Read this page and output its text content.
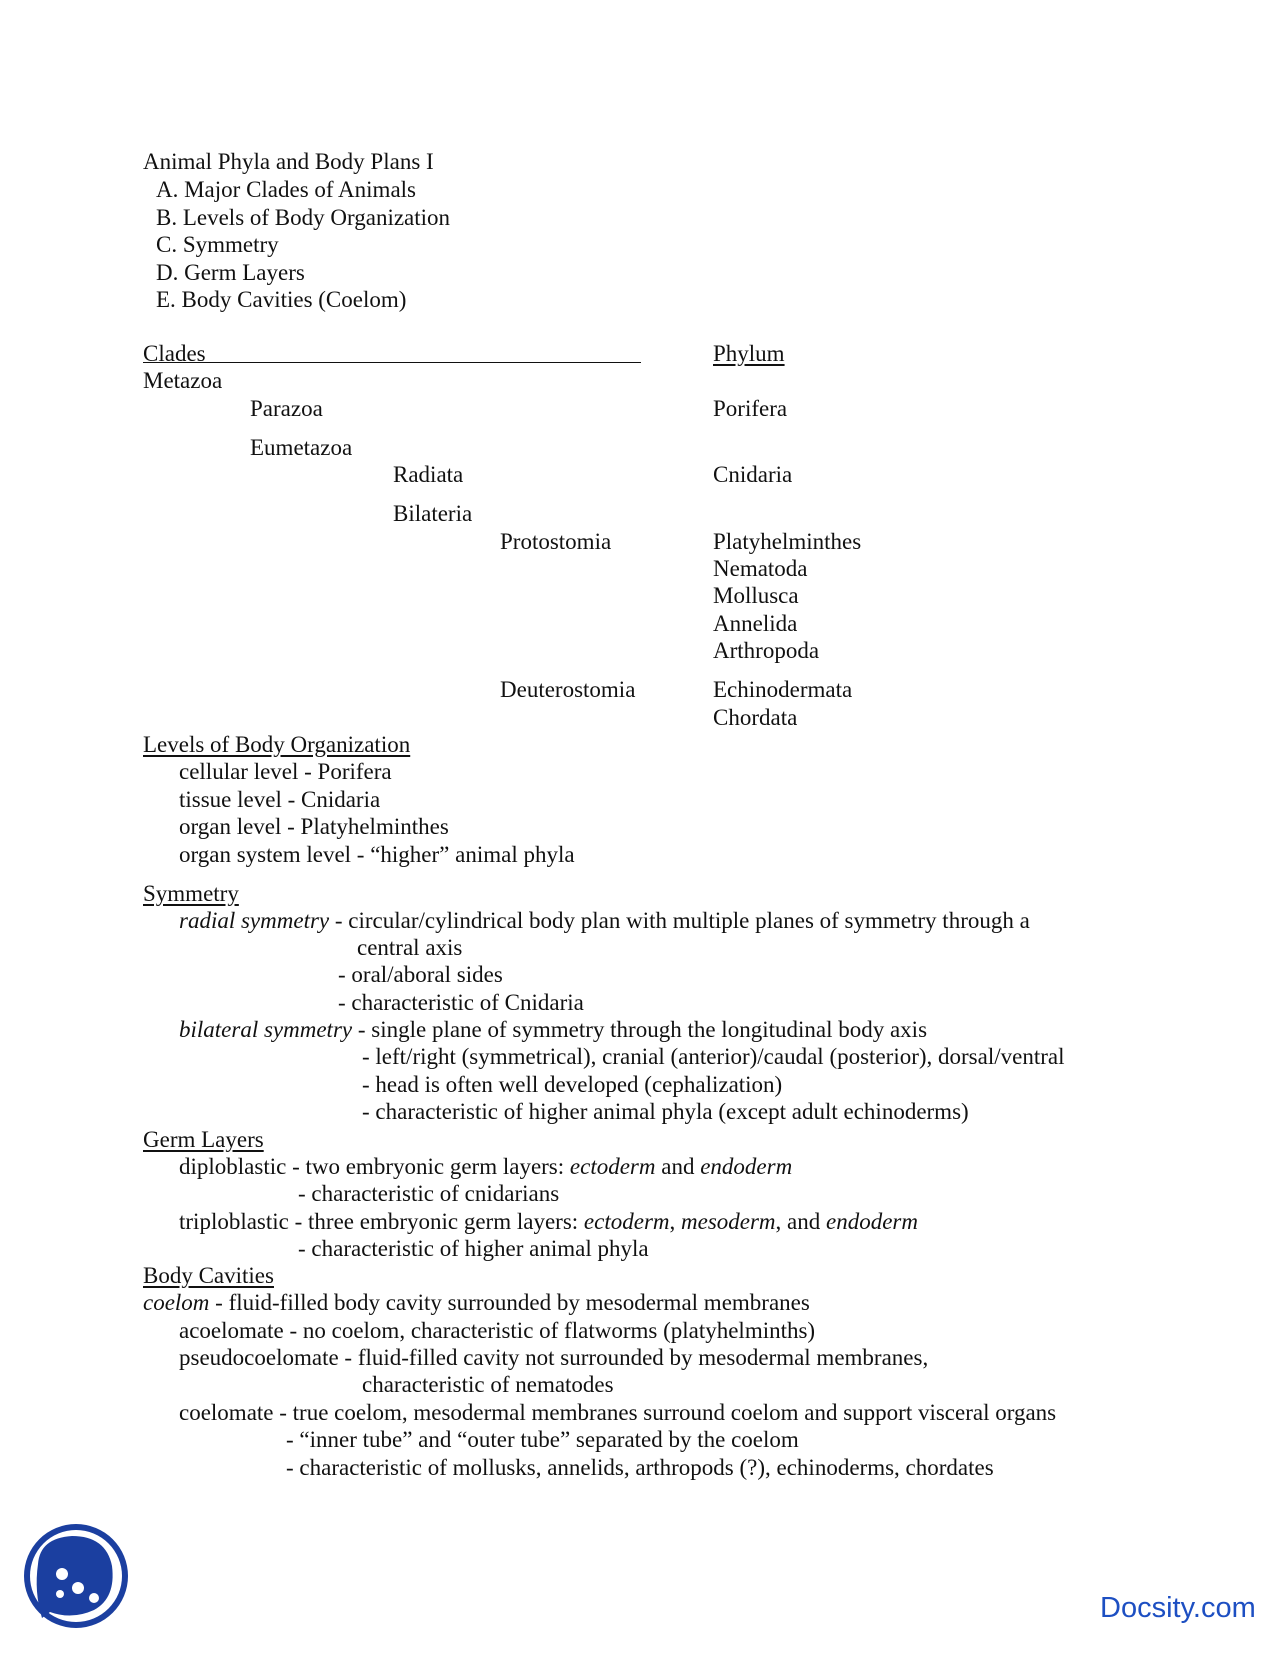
Animal Phyla and Body Plans I
A. Major Clades of Animals
B. Levels of Body Organization
C. Symmetry
D. Germ Layers
E. Body Cavities (Coelom)
Clades	Phylum
Metazoa
Parazoa	Porifera
Eumetazoa
Radiata	Cnidaria
Bilateria
Protostomia	Platyhelminthes
Nematoda
Mollusca
Annelida
Arthropoda
Deuterostomia	Echinodermata
Chordata
Levels of Body Organization
cellular level - Porifera
tissue level - Cnidaria
organ level - Platyhelminthes
organ system level - “higher” animal phyla
Symmetry
radial symmetry - circular/cylindrical body plan with multiple planes of symmetry through a
central axis
- oral/aboral sides
- characteristic of Cnidaria
bilateral symmetry - single plane of symmetry through the longitudinal body axis
- left/right (symmetrical), cranial (anterior)/caudal (posterior), dorsal/ventral
- head is often well developed (cephalization)
- characteristic of higher animal phyla (except adult echinoderms)
Germ Layers
diploblastic - two embryonic germ layers: ectoderm and endoderm
- characteristic of cnidarians
triploblastic - three embryonic germ layers: ectoderm, mesoderm, and endoderm
- characteristic of higher animal phyla
Body Cavities
coelom - fluid-filled body cavity surrounded by mesodermal membranes
acoelomate - no coelom, characteristic of flatworms (platyhelminths)
pseudocoelomate - fluid-filled cavity not surrounded by mesodermal membranes,
characteristic of nematodes
coelomate - true coelom, mesodermal membranes surround coelom and support visceral organs
- “inner tube” and “outer tube” separated by the coelom
- characteristic of mollusks, annelids, arthropods (?), echinoderms, chordates
Docsity.com
